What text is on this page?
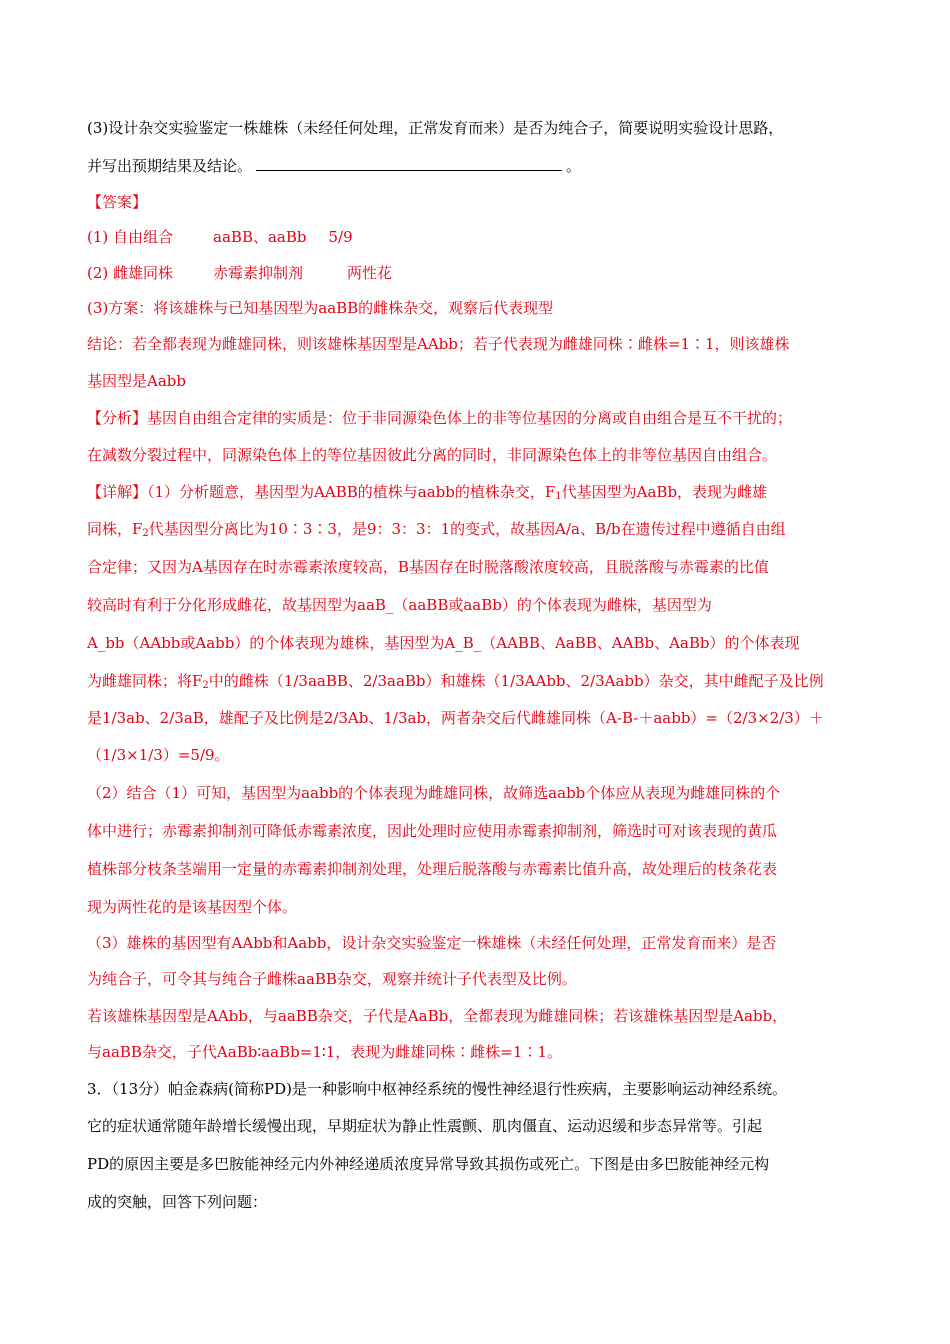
(3)设计杂交实验鉴定一株雄株（未经任何处理，正常发育而来）是否为纯合子，简要说明实验设计思路，
并写出预期结果及结论。	。
【答案】
(1) 自由组合	aaBB、aaBb 5/9
(2) 雌雄同株	赤霉素抑制剂	两性花
(3)方案：将该雄株与已知基因型为aaBB的雌株杂交，观察后代表现型
结论：若全都表现为雌雄同株，则该雄株基因型是AAbb；若子代表现为雌雄同株∶雌株=1∶1，则该雄株
基因型是Aabb
【分析】基因自由组合定律的实质是：位于非同源染色体上的非等位基因的分离或自由组合是互不干扰的；
在减数分裂过程中，同源染色体上的等位基因彼此分离的同时，非同源染色体上的非等位基因自由组合。
【详解】（1）分析题意，基因型为AABB的植株与aabb的植株杂交，$F_1$代基因型为AaBb，表现为雌雄
同株，$F_2$代基因型分离比为10∶3∶3，是9：3：3：1的变式，故基因A/a、B/b在遗传过程中遵循自由组
合定律；又因为A基因存在时赤霉素浓度较高，B基因存在时脱落酸浓度较高，且脱落酸与赤霉素的比值
较高时有利于分化形成雌花，故基因型为aaB_（aaBB或aaBb）的个体表现为雌株，基因型为
A_bb（AAbb或Aabb）的个体表现为雄株，基因型为A_B_（AABB、AaBB、AABb、AaBb）的个体表现
为雌雄同株；将$F_2$中的雌株（1/3aaBB、2/3aaBb）和雄株（1/3AAbb、2/3Aabb）杂交，其中雌配子及比例
是1/3ab、2/3aB，雄配子及比例是2/3Ab、1/3ab，两者杂交后代雌雄同株（A-B-＋aabb）=（2/3×2/3）＋
（1/3×1/3）=5/9。
（2）结合（1）可知，基因型为aabb的个体表现为雌雄同株，故筛选aabb个体应从表现为雌雄同株的个
体中进行；赤霉素抑制剂可降低赤霉素浓度，因此处理时应使用赤霉素抑制剂，筛选时可对该表现的黄瓜
植株部分枝条茎端用一定量的赤霉素抑制剂处理，处理后脱落酸与赤霉素比值升高，故处理后的枝条花表
现为两性花的是该基因型个体。
（3）雄株的基因型有AAbb和Aabb，设计杂交实验鉴定一株雄株（未经任何处理，正常发育而来）是否
为纯合子，可令其与纯合子雌株aaBB杂交，观察并统计子代表型及比例。
若该雄株基因型是AAbb，与aaBB杂交，子代是AaBb，全都表现为雌雄同株；若该雄株基因型是Aabb，
与aaBB杂交，子代AaBb∶aaBb=1∶1，表现为雌雄同株∶雌株=1∶1。
3．（13分）帕金森病(简称PD)是一种影响中枢神经系统的慢性神经退行性疾病，主要影响运动神经系统。
它的症状通常随年龄增长缓慢出现，早期症状为静止性震颤、肌肉僵直、运动迟缓和步态异常等。引起
PD的原因主要是多巴胺能神经元内外神经递质浓度异常导致其损伤或死亡。下图是由多巴胺能神经元构
成的突触，回答下列问题：
